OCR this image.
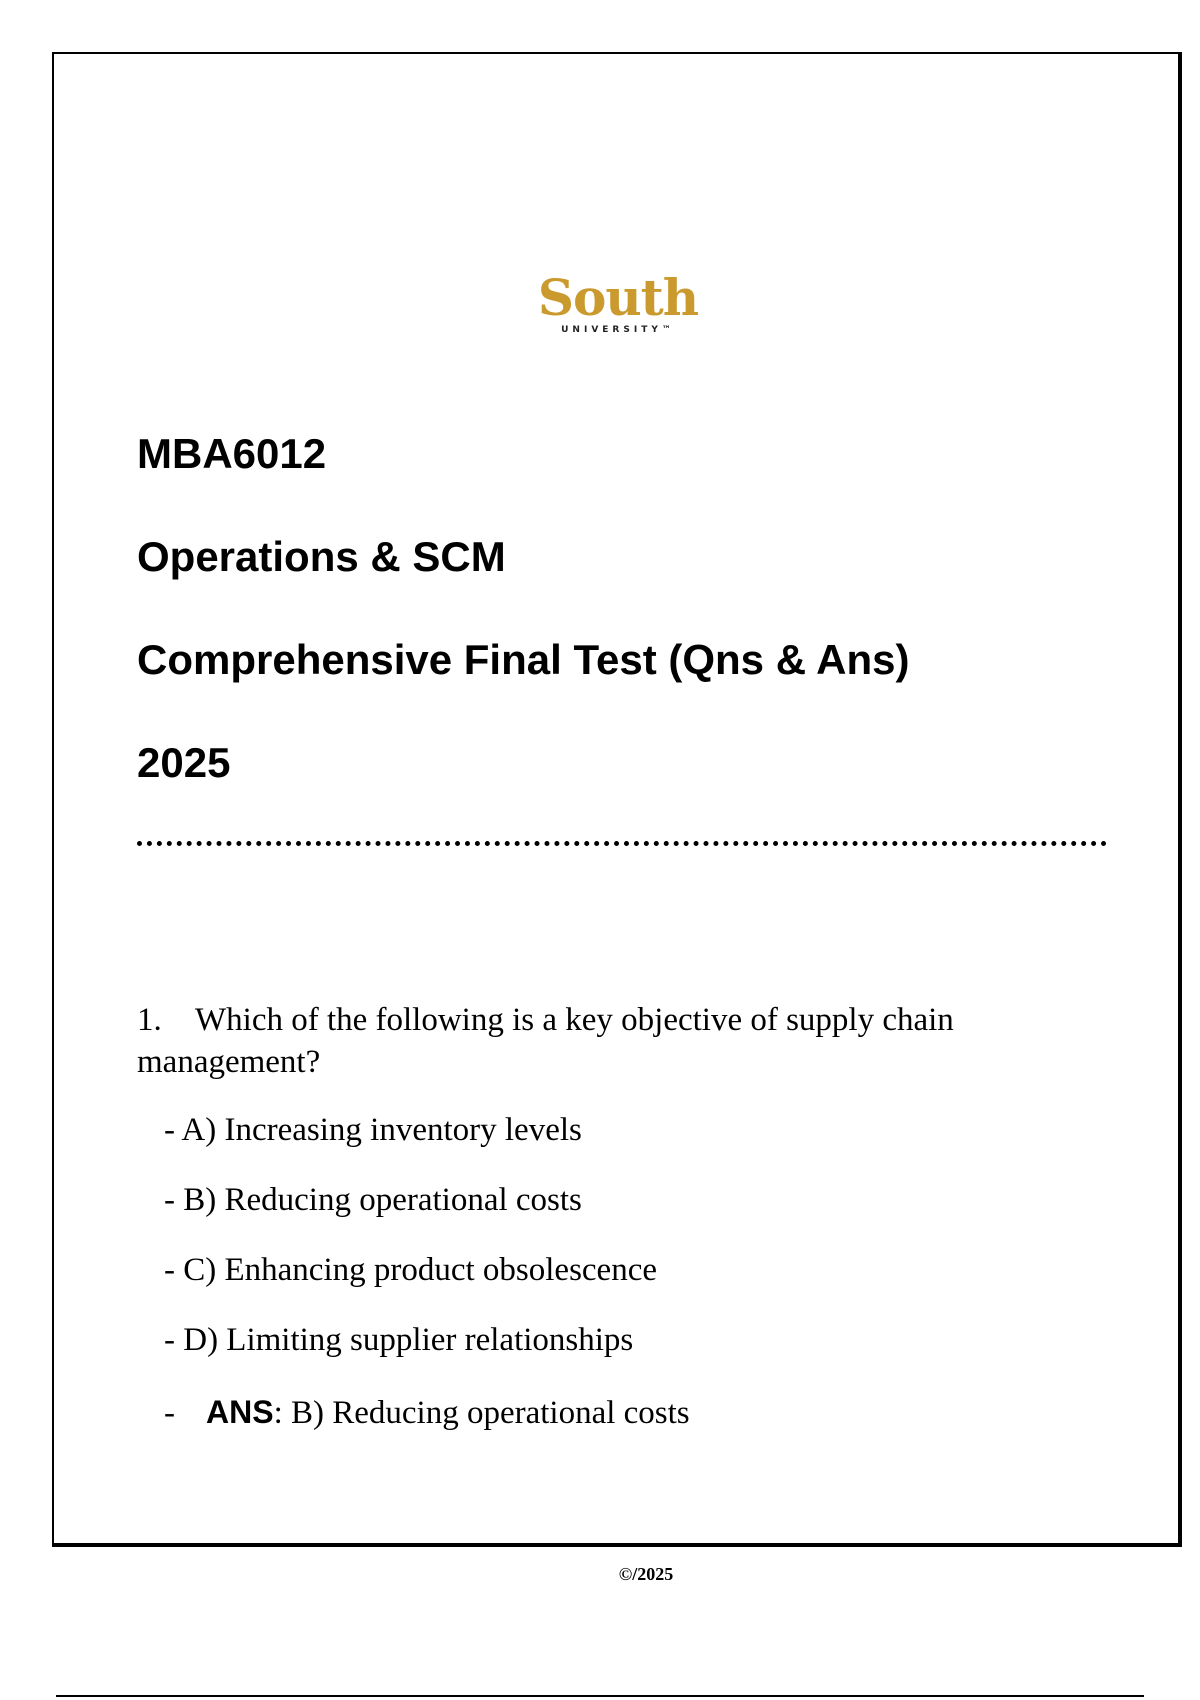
South
UNIVERSITY™
MBA6012
Operations & SCM
Comprehensive Final Test (Qns & Ans)
2025

1. Which of the following is a key objective of supply chain management?

- A) Increasing inventory levels
- B) Reducing operational costs
- C) Enhancing product obsolescence
- D) Limiting supplier relationships
- ANS: B) Reducing operational costs
©/2025
